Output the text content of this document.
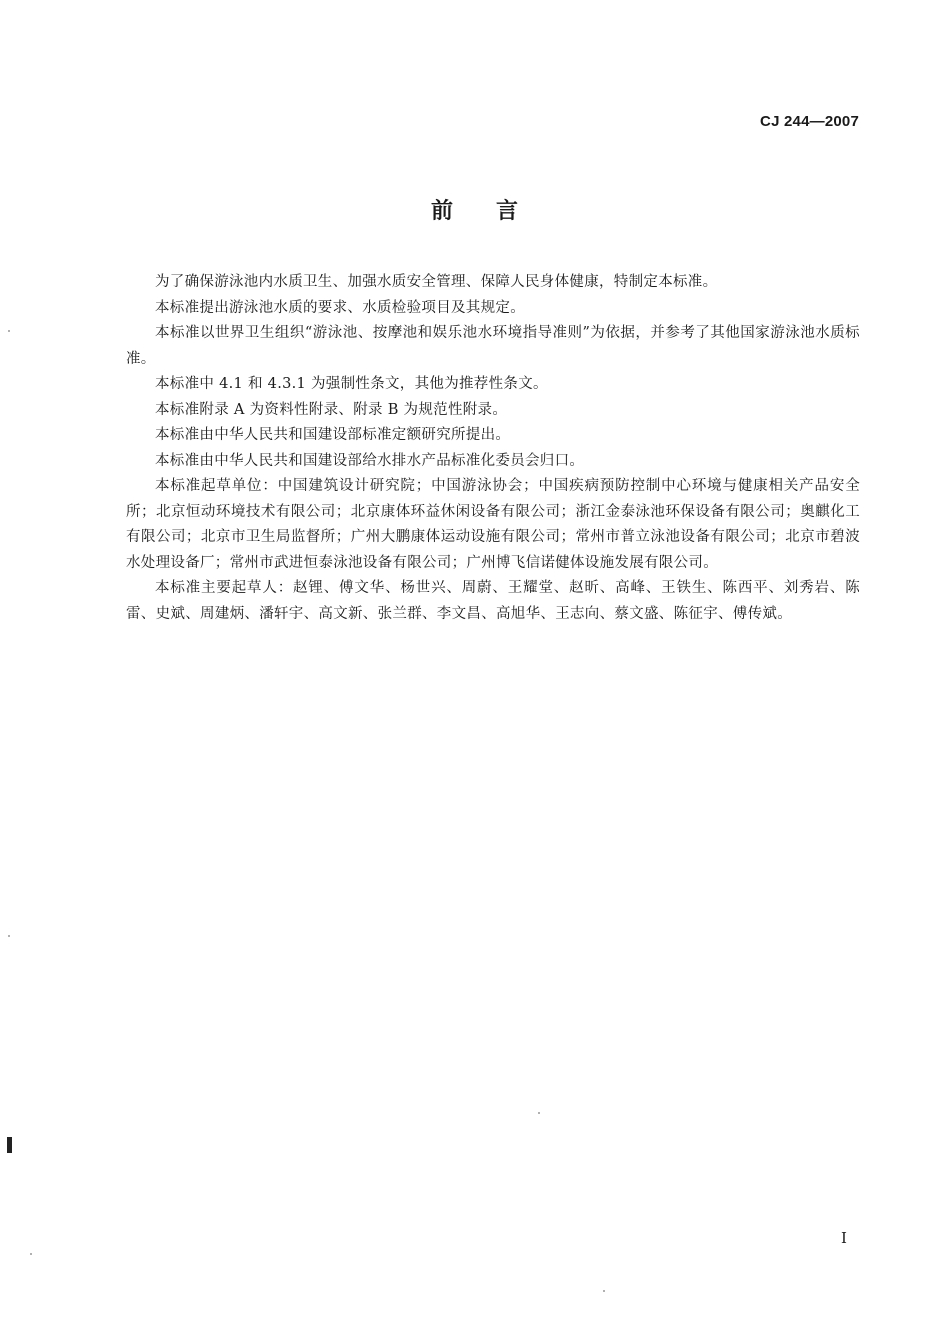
CJ 244—2007
前 言

为了确保游泳池内水质卫生、加强水质安全管理、保障人民身体健康，特制定本标准。

本标准提出游泳池水质的要求、水质检验项目及其规定。

本标准以世界卫生组织“游泳池、按摩池和娱乐池水环境指导准则”为依据，并参考了其他国家游泳池水质标准。

本标准中 4.1 和 4.3.1 为强制性条文，其他为推荐性条文。

本标准附录 A 为资料性附录、附录 B 为规范性附录。

本标准由中华人民共和国建设部标准定额研究所提出。

本标准由中华人民共和国建设部给水排水产品标准化委员会归口。

本标准起草单位：中国建筑设计研究院；中国游泳协会；中国疾病预防控制中心环境与健康相关产品安全所；北京恒动环境技术有限公司；北京康体环益休闲设备有限公司；浙江金泰泳池环保设备有限公司；奥麒化工有限公司；北京市卫生局监督所；广州大鹏康体运动设施有限公司；常州市普立泳池设备有限公司；北京市碧波水处理设备厂；常州市武进恒泰泳池设备有限公司；广州博飞信诺健体设施发展有限公司。

本标准主要起草人：赵锂、傅文华、杨世兴、周蔚、王耀堂、赵昕、高峰、王铁生、陈西平、刘秀岩、陈雷、史斌、周建炳、潘轩宇、高文新、张兰群、李文昌、高旭华、王志向、蔡文盛、陈征宇、傅传斌。

I
